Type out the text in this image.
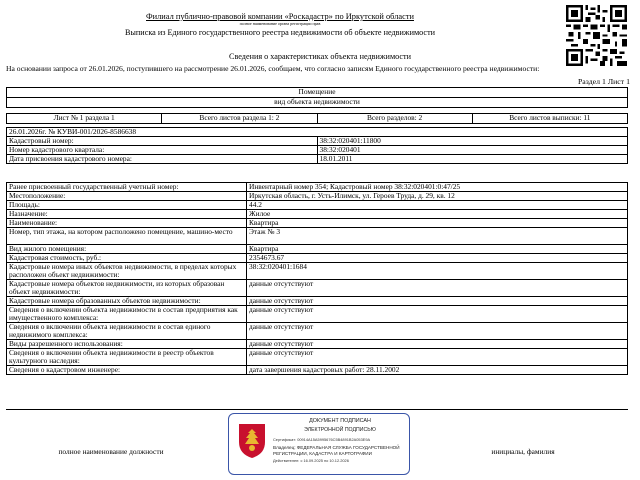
Филиал публично-правовой компании «Роскадастр» по Иркутской области
полное наименование органа регистрации прав
Выписка из Единого государственного реестра недвижимости об объекте недвижимости
Сведения о характеристиках объекта недвижимости
На основании запроса от 26.01.2026, поступившего на рассмотрение 26.01.2026, сообщаем, что согласно записям Единого государственного реестра недвижимости:
Раздел 1 Лист 1
Помещение
вид объекта недвижимости
Лист № 1 раздела 1	Всего листов раздела 1: 2	Всего разделов: 2	Всего листов выписки: 11
26.01.2026г. № КУВИ-001/2026-8586638	
Кадастровый номер:	38:32:020401:11800
Номер кадастрового квартала:	38:32:020401
Дата присвоения кадастрового номера:	18.01.2011
Ранее присвоенный государственный учетный номер:	Инвентарный номер 354; Кадастровый номер 38:32:020401:0:47/25
Местоположение:	Иркутская область, г. Усть-Илимск, ул. Героев Труда, д. 29, кв. 12
Площадь:	44.2
Назначение:	Жилое
Наименование:	Квартира
Номер, тип этажа, на котором расположено помещение, машино-место	Этаж № 3
Вид жилого помещения:	Квартира
Кадастровая стоимость, руб.:	2354673.67
Кадастровые номера иных объектов недвижимости, в пределах которых расположен объект недвижимости:	38:32:020401:1684
Кадастровые номера объектов недвижимости, из которых образован объект недвижимости:	данные отсутствуют
Кадастровые номера образованных объектов недвижимости:	данные отсутствуют
Сведения о включении объекта недвижимости в состав предприятия как имущественного комплекса:	данные отсутствуют
Сведения о включении объекта недвижимости в состав единого недвижимого комплекса:	данные отсутствуют
Виды разрешенного использования:	данные отсутствуют
Сведения о включении объекта недвижимости в реестр объектов культурного наследия:	данные отсутствуют
Сведения о кадастровом инженере:	дата завершения кадастровых работ: 28.11.2002
полное наименование должности	инициалы, фамилия
ДОКУМЕНТ ПОДПИСАН
ЭЛЕКТРОННОЙ ПОДПИСЬЮ
Сертификат: 00914A15A5995676C5B4891B2A053E9A
Владелец: ФЕДЕРАЛЬНАЯ СЛУЖБА ГОСУДАРСТВЕННОЙ
РЕГИСТРАЦИИ, КАДАСТРА И КАРТОГРАФИИ
Действителен: с 16.09.2025 по 10.12.2026
